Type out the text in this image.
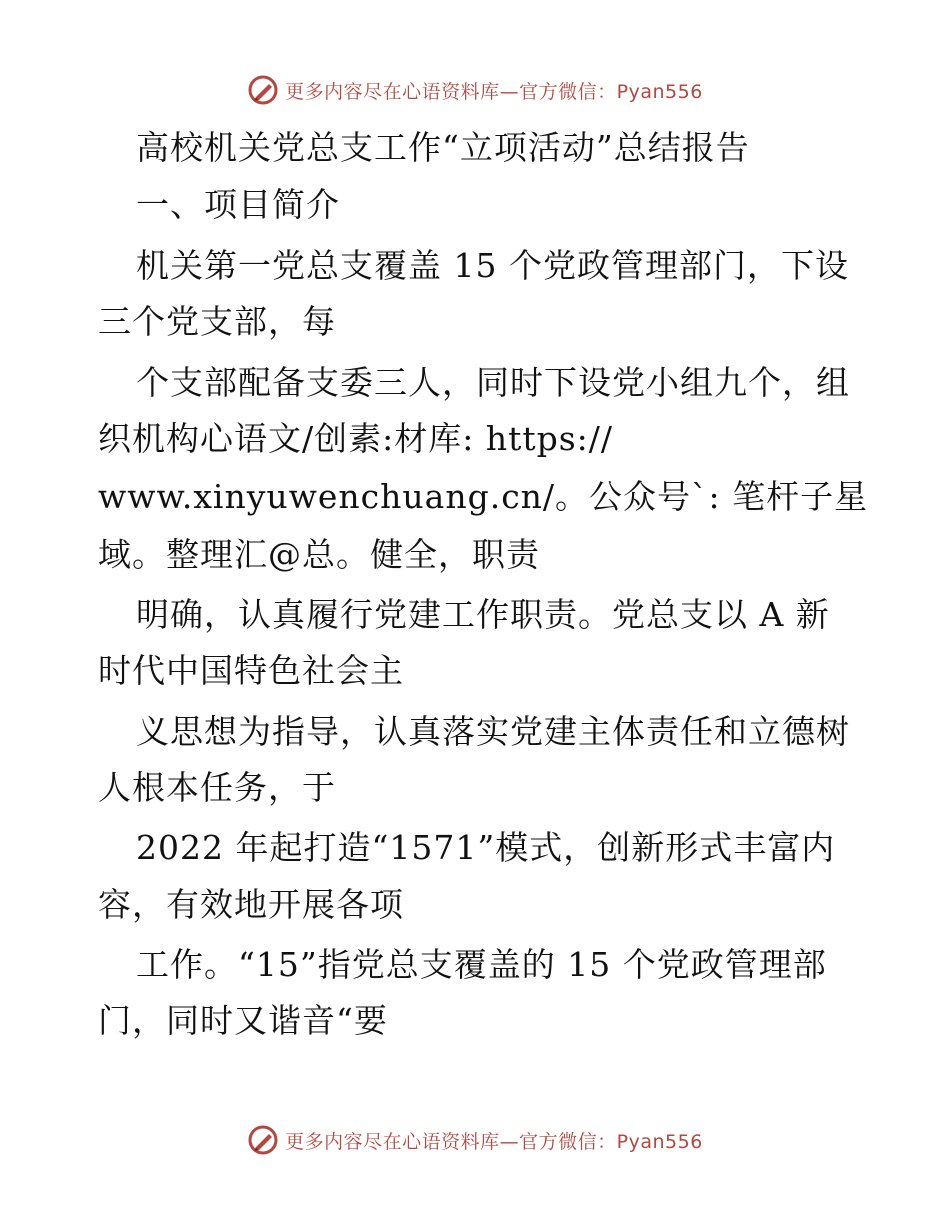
更多内容尽在心语资料库—官方微信：Pyan556
高校机关党总支工作“立项活动”总结报告
一、项目简介
机关第一党总支覆盖 15 个党政管理部门，下设
三个党支部，每
个支部配备支委三人，同时下设党小组九个，组
织机构心语文/创素:材库: https://
www.xinyuwenchuang.cn/。公众号`: 笔杆子星
域。整理汇@总。健全，职责
明确，认真履行党建工作职责。党总支以 A 新
时代中国特色社会主
义思想为指导，认真落实党建主体责任和立德树
人根本任务，于
2022 年起打造“1571”模式，创新形式丰富内
容，有效地开展各项
工作。“15”指党总支覆盖的 15 个党政管理部
门，同时又谐音“要
更多内容尽在心语资料库—官方微信：Pyan556
